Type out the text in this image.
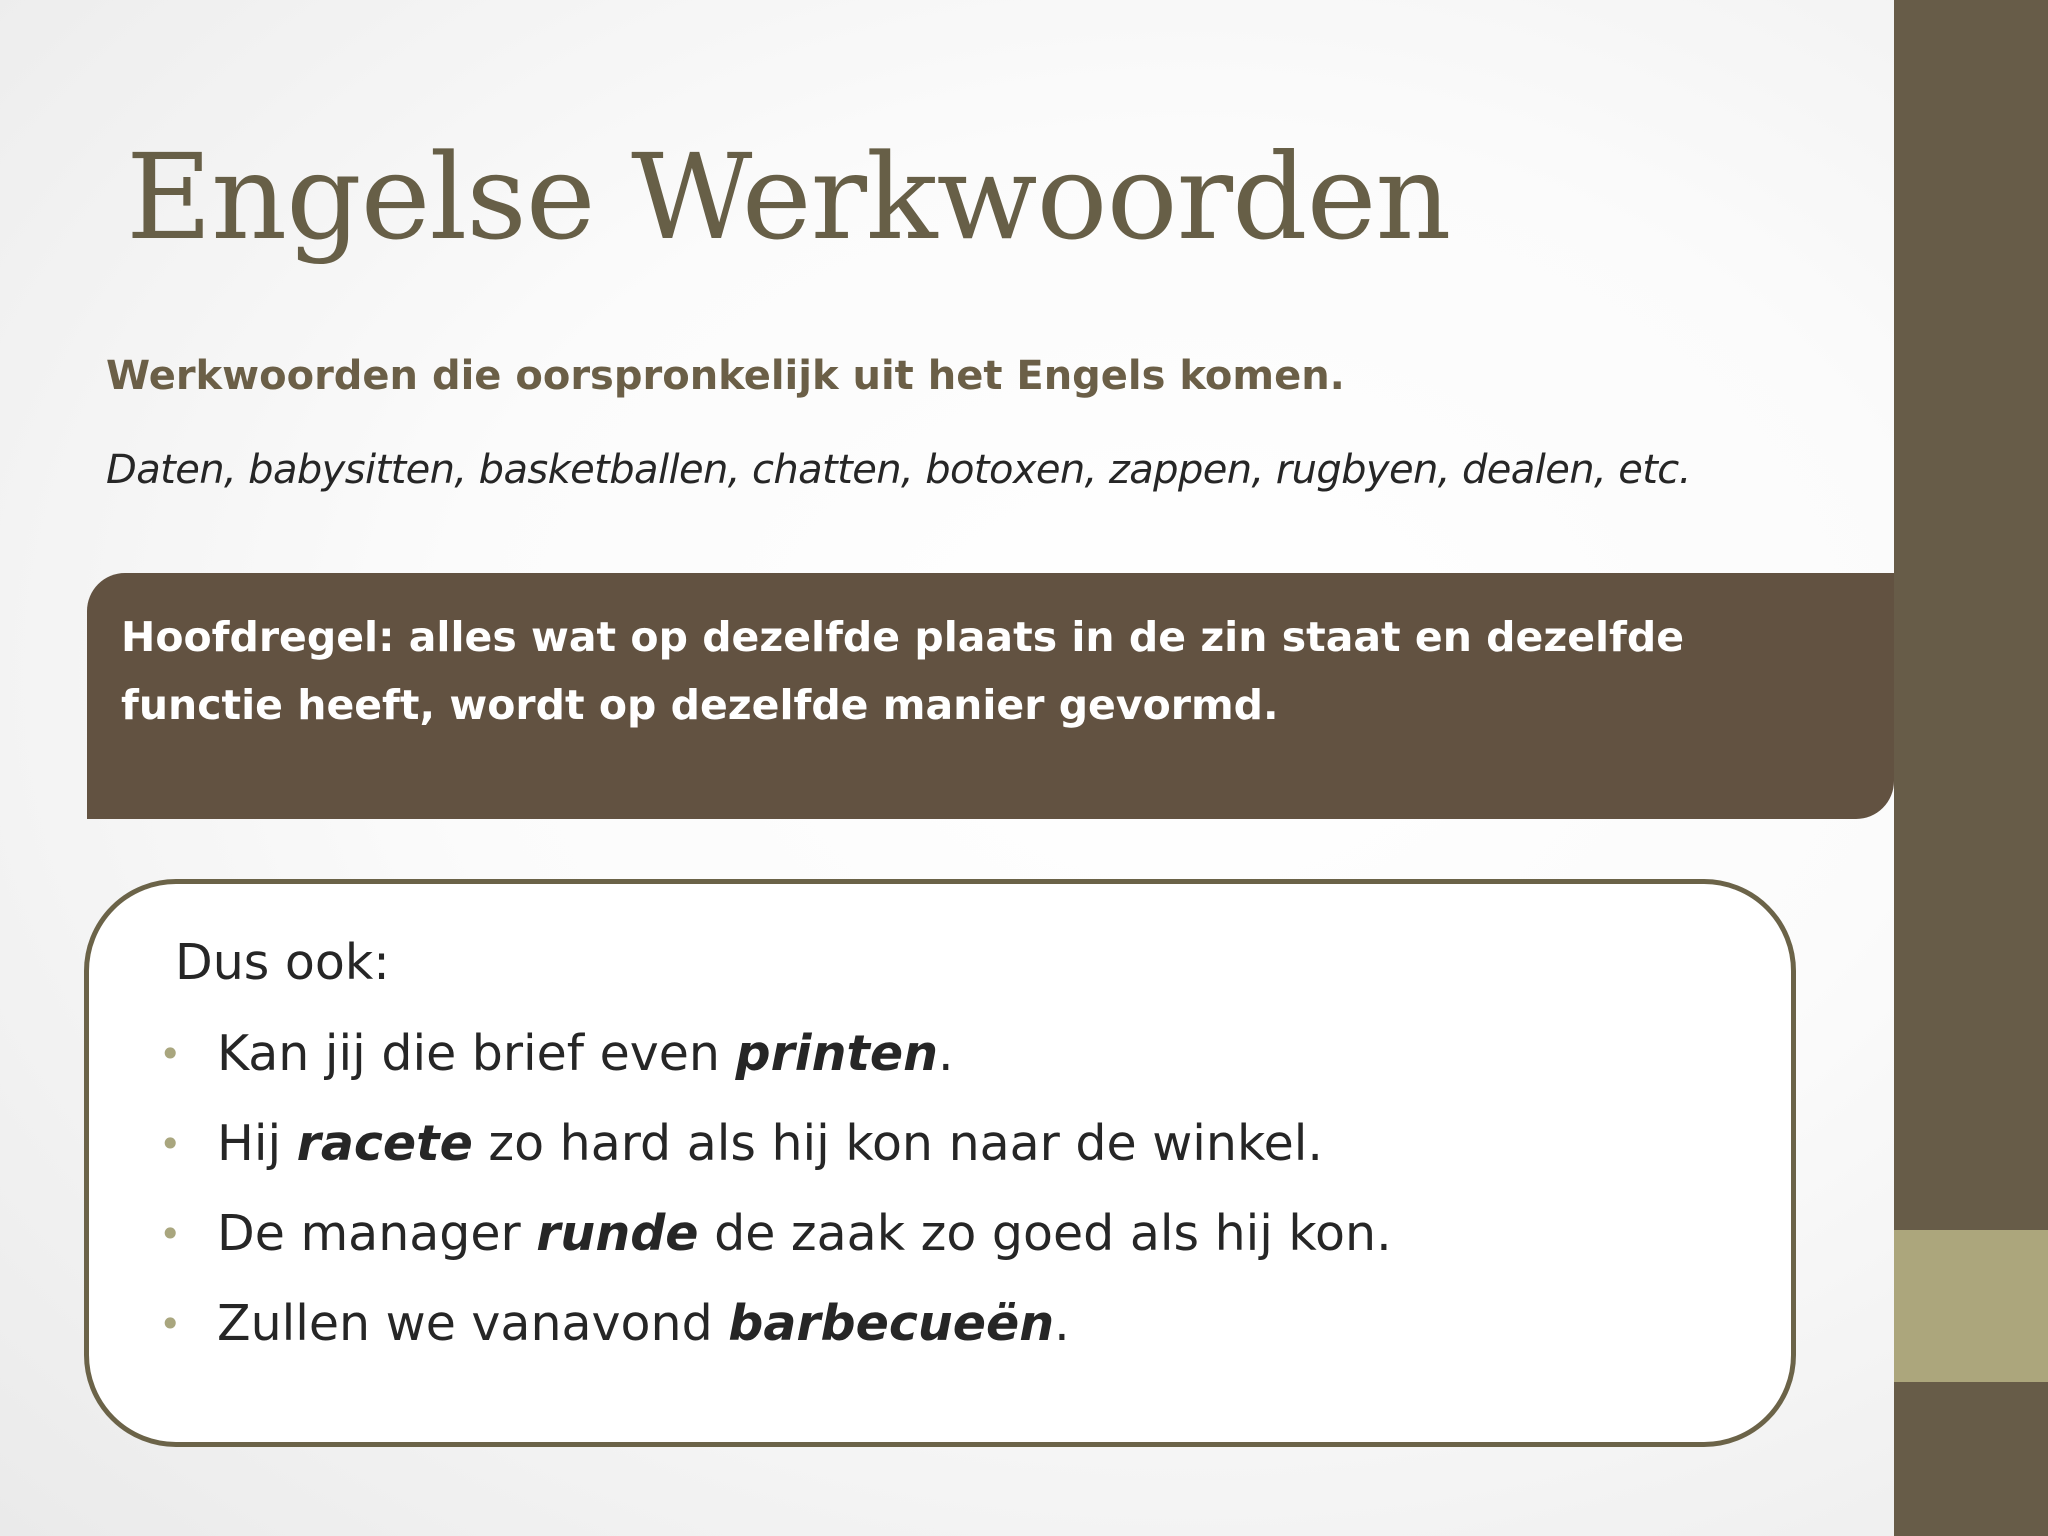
Engelse Werkwoorden

Werkwoorden die oorspronkelijk uit het Engels komen.

Daten, babysitten, basketballen, chatten, botoxen, zappen, rugbyen, dealen, etc.

Hoofdregel: alles wat op dezelfde plaats in de zin staat en dezelfde
functie heeft, wordt op dezelfde manier gevormd.

Dus ook:

• Kan jij die brief even printen.
• Hij racete zo hard als hij kon naar de winkel.
• De manager runde de zaak zo goed als hij kon.
• Zullen we vanavond barbecueën.
